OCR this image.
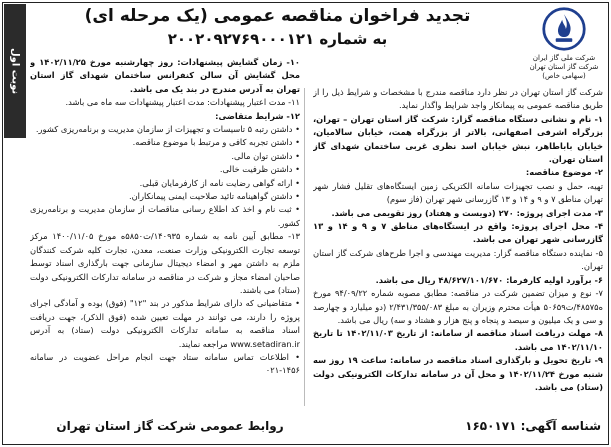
نوبت اول	شرکت ملی گاز ایران
شرکت گاز استان تهران
(سهامی خاص)
تجدید فراخوان مناقصه عمومی (یک مرحله ای)
به شماره ۲۰۰۲۰۹۲۷۶۹۰۰۰۱۲۱
شرکت گاز استان تهران در نظر دارد مناقصه مندرج با مشخصات و شرایط ذیل را از طریق مناقصه عمومی به پیمانکار واجد شرایط واگذار نماید.
۱- نام و نشانی دستگاه مناقصه گزار: شرکت گاز استان تهران – تهران، بزرگراه اشرفی اصفهانی، بالاتر از بزرگراه همت، خیابان سالامیان، خیابان باباطاهر، نبش خیابان اسد نظری غربی ساختمان شهدای گاز استان تهران.
۲- موضوع مناقصه:
تهیه، حمل و نصب تجهیزات سامانه الکتریکی زمین ایستگاه‌های تقلیل فشار شهر تهران مناطق ۷ و ۹ و ۱۴ و ۱۳ گازرسانی شهر تهران (فاز سوم)
۳- مدت اجرای پروژه: ۲۷۰ (دویست و هفتاد) روز تقویمی می باشد.
۴- محل اجرای پروژه: واقع در ایستگاه‌های مناطق ۷ و ۹ و ۱۴ و ۱۳ گازرسانی شهر تهران می باشد.
۵- نماینده دستگاه مناقصه گزار: مدیریت مهندسی و اجرا طرح‌های شرکت گاز استان تهران.
۶- برآورد اولیه کارفرما: ۴۸/۶۲۷/۱۰۱/۶۷۰ ریال می باشد.
۷- نوع و میزان تضمین شرکت در مناقصه: مطابق مصوبه شماره ۹۴/۰۹/۲۲ مورخ ه‌۴۸۵۷۵/ت۵۰۶۵۹ هیأت محترم وزیران به مبلغ ۲/۴۳۱/۳۵۵/۰۸۳ (دو میلیارد و چهارصد و سی و یک میلیون و سیصد و پنجاه و پنج هزار و هشتاد و سه) ریال می باشد.
۸- مهلت دریافت اسناد مناقصه از سامانه: از تاریخ ۱۴۰۲/۱۱/۰۳ تا تاریخ ۱۴۰۲/۱۱/۱۰ می باشد.
۹- تاریخ تحویل و بارگذاری اسناد مناقصه در سامانه: ساعت ۱۹ روز سه شنبه مورخ ۱۴۰۲/۱۱/۲۴ و محل آن در سامانه تدارکات الکترونیکی دولت (ستاد) می باشد.
۱۰- زمان گشایش پیشنهادات: روز چهارشنبه مورخ ۱۴۰۲/۱۱/۲۵ و محل گشایش آن سالن کنفرانس ساختمان شهدای گاز استان تهران به آدرس مندرج در بند یک می باشد.
۱۱- مدت اعتبار پیشنهادات: مدت اعتبار پیشنهادات سه ماه می باشد.
۱۲- شرایط متقاضی:
• داشتن رتبه ۵ تاسیسات و تجهیزات از سازمان مدیریت و برنامه‌ریزی کشور.
• داشتن تجربه کافی و مرتبط با موضوع مناقصه.
• داشتن توان مالی.
• داشتن ظرفیت خالی.
• ارائه گواهی رضایت نامه از کارفرمایان قبلی.
• داشتن گواهینامه تائید صلاحیت ایمنی پیمانکاران.
• ثبت نام و اخذ کد اطلاع رسانی مناقصات از سازمان مدیریت و برنامه‌ریزی کشور.
۱۳- مطابق آیین نامه به شماره ۱۴۰۹۳۵/ت۵۸۵۰ه مورخ ۱۴۰۰/۱۱/۰۵ مرکز توسعه تجارت الکترونیکی وزارت صنعت، معدن، تجارت کلیه شرکت کنندگان ملزم به داشتن مهر و امضاء دیجیتال سازمانی جهت بارگذاری اسناد توسط صاحبان امضاء مجاز و شرکت در مناقصه در سامانه تدارکات الکترونیکی دولت (ستاد) می باشند.
• متقاضیانی که دارای شرایط مذکور در بند "۱۲" (فوق) بوده و آمادگی اجرای پروژه را دارند، می توانند در مهلت تعیین شده (فوق الذکر)، جهت دریافت اسناد مناقصه به سامانه تدارکات الکترونیکی دولت (ستاد) به آدرس www.setadiran.ir مراجعه نمایند.
• اطلاعات تماس سامانه ستاد جهت انجام مراحل عضویت در سامانه ۱۴۵۶-۰۲۱
شناسه آگهی: ۱۶۵۰۱۷۱
روابط عمومی شرکت گاز استان تهران
